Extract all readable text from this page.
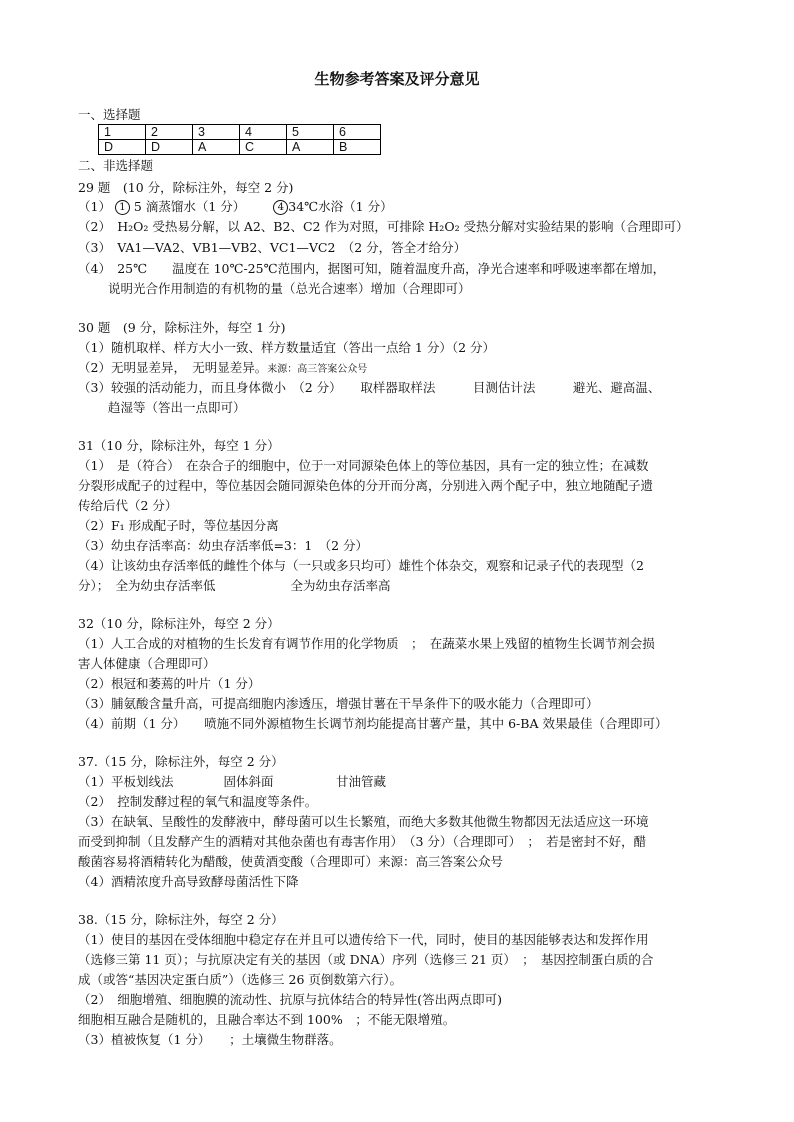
生物参考答案及评分意见
一、选择题
1	2	3	4	5	6
D	D	A	C	A	B
二、非选择题
29 题　(10 分，除标注外，每空 2 分)
（1） 1 5 滴蒸馏水（1 分）	4 34℃水浴（1 分）
（2）　H₂O₂ 受热易分解，以 A2、B2、C2 作为对照，可排除 H₂O₂ 受热分解对实验结果的影响（合理即可）
（3）　VA1—VA2、VB1—VB2、VC1—VC2　（2 分，答全才给分）
（4）　25℃　　温度在 10℃-25℃范围内，据图可知，随着温度升高，净光合速率和呼吸速率都在增加，
说明光合作用制造的有机物的量（总光合速率）增加（合理即可）
30 题　(9 分，除标注外，每空 1 分)
（1）随机取样、样方大小一致、样方数量适宜（答出一点给 1 分）（2 分）
（2）无明显差异，　无明显差异。来源：高三答案公众号
（3）较强的活动能力，而且身体微小　（2 分）　　取样器取样法　　　目测估计法　　　避光、避高温、
趋湿等（答出一点即可）
31（10 分，除标注外，每空 1 分）
（1）　是（符合）　在杂合子的细胞中，位于一对同源染色体上的等位基因，具有一定的独立性；在减数
分裂形成配子的过程中，等位基因会随同源染色体的分开而分离，分别进入两个配子中，独立地随配子遗
传给后代（2 分）
（2）F₁ 形成配子时，等位基因分离
（3）幼虫存活率高：幼虫存活率低=3：1　（2 分）
（4）让该幼虫存活率低的雌性个体与（一只或多只均可）雄性个体杂交，观察和记录子代的表现型（2
分）；　全为幼虫存活率低　　　　　　全为幼虫存活率高
32（10 分，除标注外，每空 2 分）
（1）人工合成的对植物的生长发育有调节作用的化学物质　；　在蔬菜水果上残留的植物生长调节剂会损
害人体健康（合理即可）
（2）根冠和萎蔫的叶片（1 分）
（3）脯氨酸含量升高，可提高细胞内渗透压，增强甘薯在干旱条件下的吸水能力（合理即可）
（4）前期（1 分）　　喷施不同外源植物生长调节剂均能提高甘薯产量，其中 6-BA 效果最佳（合理即可）
37.（15 分，除标注外，每空 2 分）
（1）平板划线法　　　　固体斜面　　　　　甘油管藏
（2）　控制发酵过程的氧气和温度等条件。
（3）在缺氧、呈酸性的发酵液中，酵母菌可以生长繁殖，而绝大多数其他微生物都因无法适应这一环境
而受到抑制（且发酵产生的酒精对其他杂菌也有毒害作用）　（3 分）（合理即可）　；　若是密封不好，醋
酸菌容易将酒精转化为醋酸，使黄酒变酸（合理即可）来源：高三答案公众号
（4）酒精浓度升高导致酵母菌活性下降
38.（15 分，除标注外，每空 2 分）
（1）使目的基因在受体细胞中稳定存在并且可以遗传给下一代，同时，使目的基因能够表达和发挥作用
（选修三第 11 页）；与抗原决定有关的基因（或 DNA）序列（选修三 21 页）　；　基因控制蛋白质的合
成（或答“基因决定蛋白质”）（选修三 26 页倒数第六行）。
（2）　细胞增殖、细胞膜的流动性、抗原与抗体结合的特异性(答出两点即可)
细胞相互融合是随机的，且融合率达不到 100%　；不能无限增殖。
（3）植被恢复（1 分）　　；土壤微生物群落。
